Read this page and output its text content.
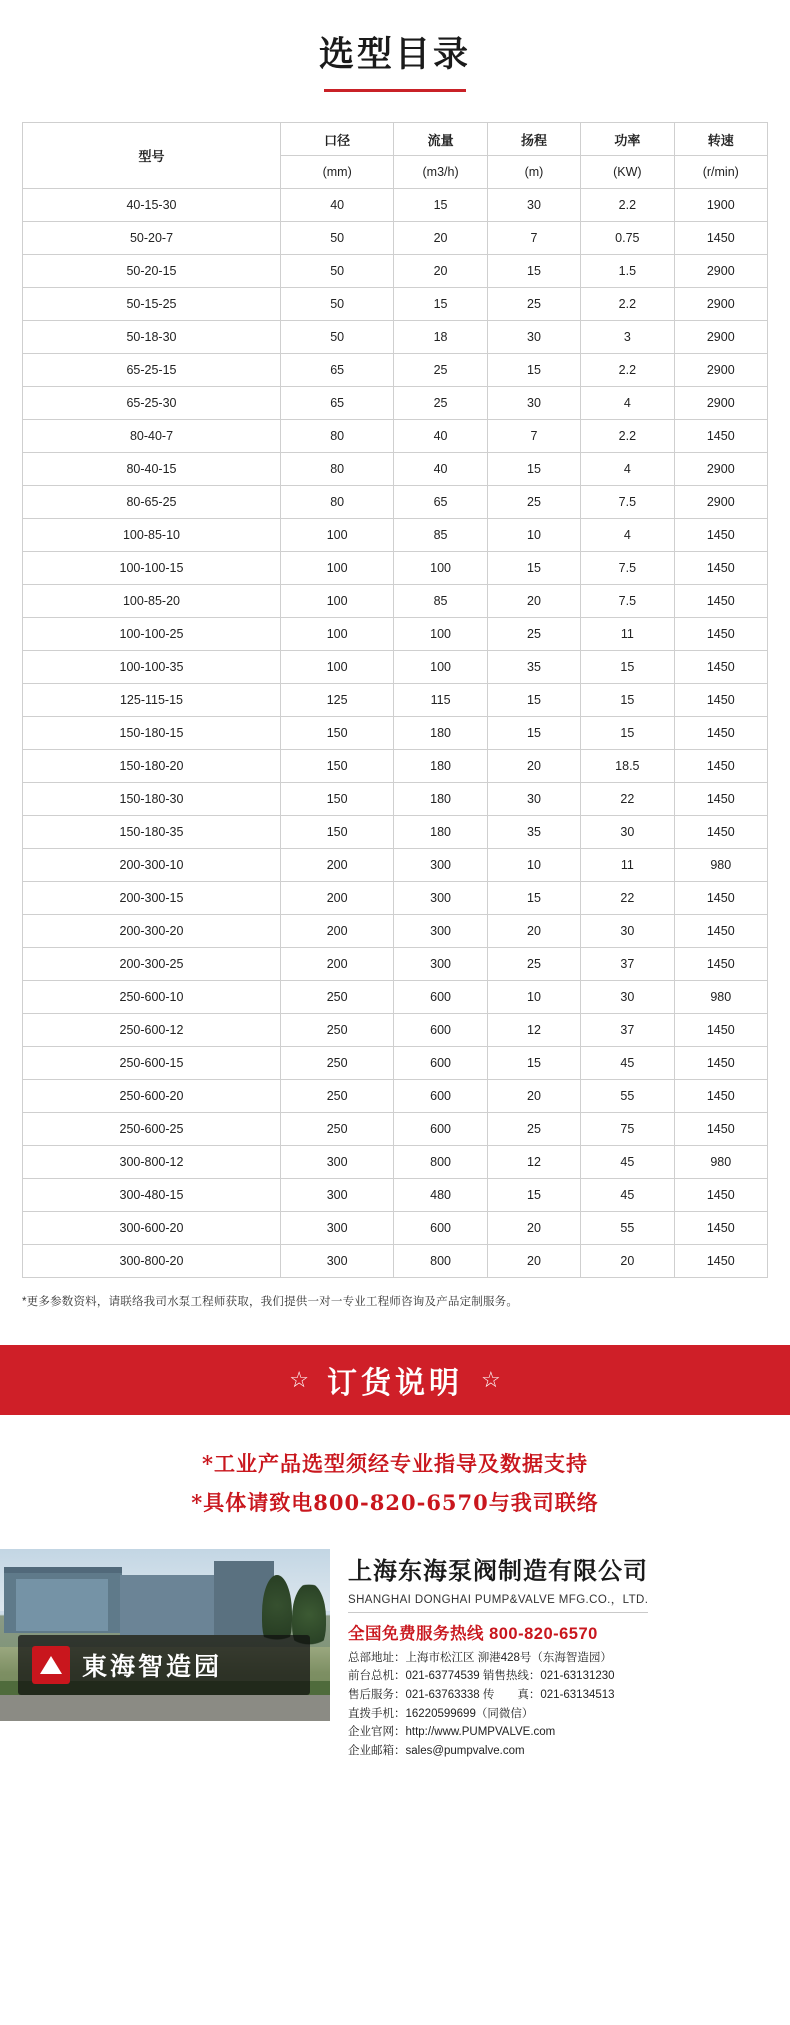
选型目录
型号	口径	流量	扬程	功率	转速
	(mm)	(m3/h)	(m)	(KW)	(r/min)
40-15-30	40	15	30	2.2	1900
50-20-7	50	20	7	0.75	1450
50-20-15	50	20	15	1.5	2900
50-15-25	50	15	25	2.2	2900
50-18-30	50	18	30	3	2900
65-25-15	65	25	15	2.2	2900
65-25-30	65	25	30	4	2900
80-40-7	80	40	7	2.2	1450
80-40-15	80	40	15	4	2900
80-65-25	80	65	25	7.5	2900
100-85-10	100	85	10	4	1450
100-100-15	100	100	15	7.5	1450
100-85-20	100	85	20	7.5	1450
100-100-25	100	100	25	11	1450
100-100-35	100	100	35	15	1450
125-115-15	125	115	15	15	1450
150-180-15	150	180	15	15	1450
150-180-20	150	180	20	18.5	1450
150-180-30	150	180	30	22	1450
150-180-35	150	180	35	30	1450
200-300-10	200	300	10	11	980
200-300-15	200	300	15	22	1450
200-300-20	200	300	20	30	1450
200-300-25	200	300	25	37	1450
250-600-10	250	600	10	30	980
250-600-12	250	600	12	37	1450
250-600-15	250	600	15	45	1450
250-600-20	250	600	20	55	1450
250-600-25	250	600	25	75	1450
300-800-12	300	800	12	45	980
300-480-15	300	480	15	45	1450
300-600-20	300	600	20	55	1450
300-800-20	300	800	20	20	1450
*更多参数资料，请联络我司水泵工程师获取，我们提供一对一专业工程师咨询及产品定制服务。
☆ 订货说明 ☆
*工业产品选型须经专业指导及数据支持
*具体请致电800-820-6570与我司联络
東海智造园
上海东海泵阀制造有限公司
SHANGHAI DONGHAI PUMP&VALVE MFG.CO.，LTD.
全国免费服务热线 800-820-6570
总部地址：上海市松江区 泖港428号（东海智造园）
前台总机：021-63774539 销售热线：021-63131230
售后服务：021-63763338 传　　真：021-63134513
直拨手机：16220599699（同微信）
企业官网：http://www.PUMPVALVE.com
企业邮箱：sales@pumpvalve.com
